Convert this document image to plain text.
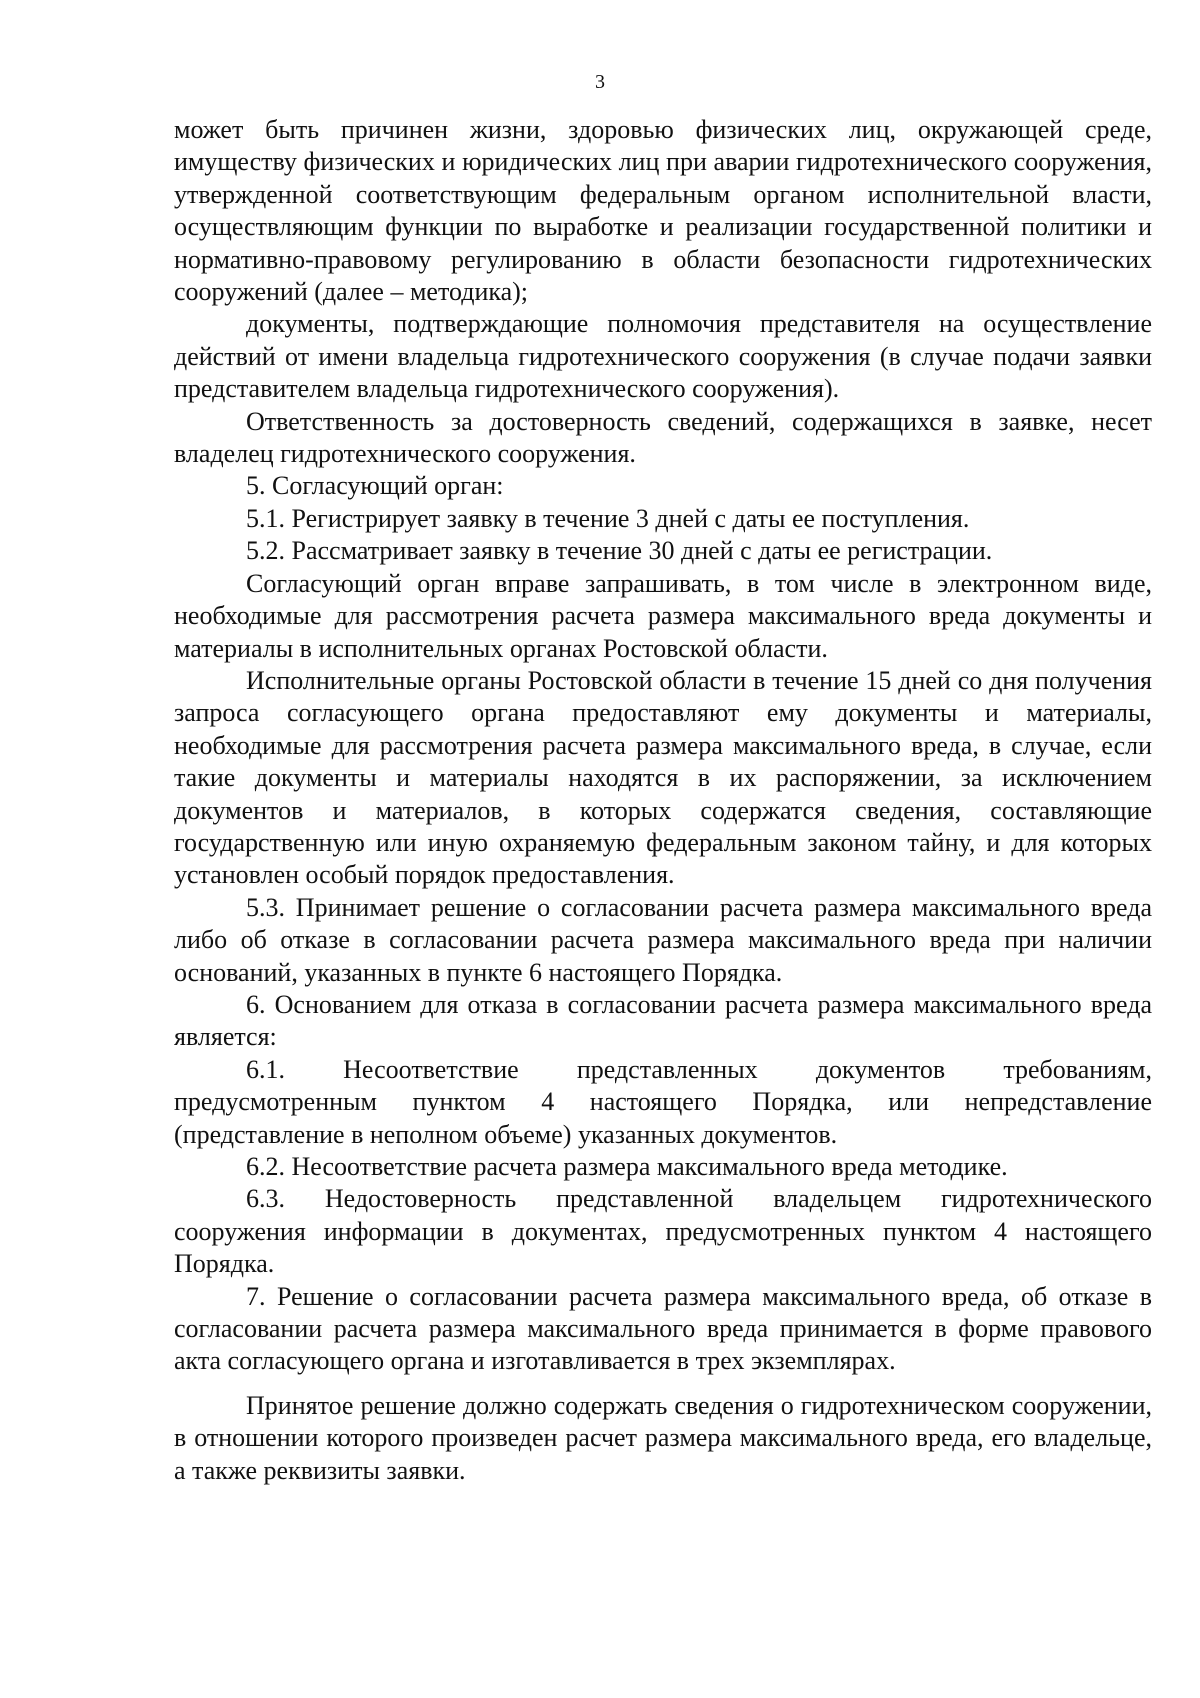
3

может быть причинен жизни, здоровью физических лиц, окружающей среде, имуществу физических и юридических лиц при аварии гидротехнического сооружения, утвержденной соответствующим федеральным органом исполнительной власти, осуществляющим функции по выработке и реализации государственной политики и нормативно-правовому регулированию в области безопасности гидротехнических сооружений (далее – методика);

документы, подтверждающие полномочия представителя на осуществление действий от имени владельца гидротехнического сооружения (в случае подачи заявки представителем владельца гидротехнического сооружения).

Ответственность за достоверность сведений, содержащихся в заявке, несет владелец гидротехнического сооружения.

5. Согласующий орган:

5.1. Регистрирует заявку в течение 3 дней с даты ее поступления.

5.2. Рассматривает заявку в течение 30 дней с даты ее регистрации.

Согласующий орган вправе запрашивать, в том числе в электронном виде, необходимые для рассмотрения расчета размера максимального вреда документы и материалы в исполнительных органах Ростовской области.

Исполнительные органы Ростовской области в течение 15 дней со дня получения запроса согласующего органа предоставляют ему документы и материалы, необходимые для рассмотрения расчета размера максимального вреда, в случае, если такие документы и материалы находятся в их распоряжении, за исключением документов и материалов, в которых содержатся сведения, составляющие государственную или иную охраняемую федеральным законом тайну, и для которых установлен особый порядок предоставления.

5.3. Принимает решение о согласовании расчета размера максимального вреда либо об отказе в согласовании расчета размера максимального вреда при наличии оснований, указанных в пункте 6 настоящего Порядка.

6. Основанием для отказа в согласовании расчета размера максимального вреда является:

6.1. Несоответствие представленных документов требованиям, предусмотренным пунктом 4 настоящего Порядка, или непредставление (представление в неполном объеме) указанных документов.

6.2. Несоответствие расчета размера максимального вреда методике.

6.3. Недостоверность представленной владельцем гидротехнического сооружения информации в документах, предусмотренных пунктом 4 настоящего Порядка.

7. Решение о согласовании расчета размера максимального вреда, об отказе в согласовании расчета размера максимального вреда принимается в форме правового акта согласующего органа и изготавливается в трех экземплярах.

Принятое решение должно содержать сведения о гидротехническом сооружении, в отношении которого произведен расчет размера максимального вреда, его владельце, а также реквизиты заявки.
